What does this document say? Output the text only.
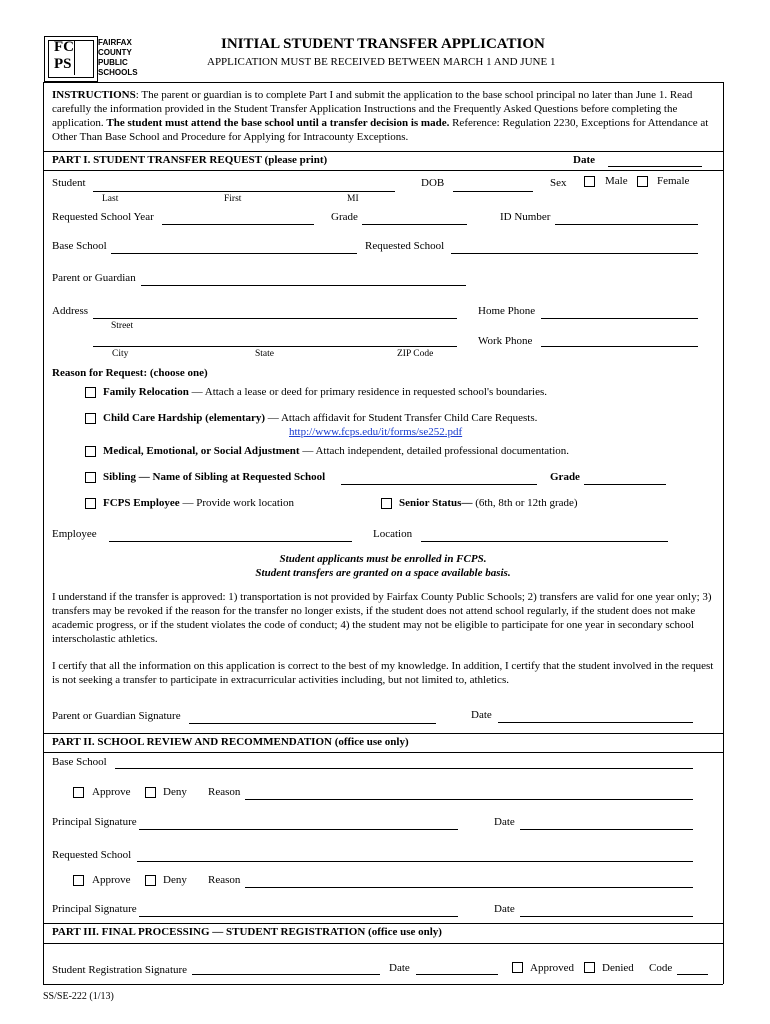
FC
PS
FAIRFAX
COUNTY
PUBLIC
SCHOOLS
INITIAL STUDENT TRANSFER APPLICATION
APPLICATION MUST BE RECEIVED BETWEEN MARCH 1 AND JUNE 1
INSTRUCTIONS: The parent or guardian is to complete Part I and submit the application to the base school principal no later than June 1. Read carefully the information provided in the Student Transfer Application Instructions and the Frequently Asked Questions before completing the application. The student must attend the base school until a transfer decision is made. Reference: Regulation 2230, Exceptions for Attendance at Other Than Base School and Procedure for Applying for Intracounty Exceptions.
PART I. STUDENT TRANSFER REQUEST (please print)	Date
Student
Last	First	MI
DOB	Sex	Male	Female
Requested School Year	Grade	ID Number
Base School	Requested School
Parent or Guardian
Address
Street
Home Phone
Work Phone
City	State	ZIP Code
Reason for Request: (choose one)
Family Relocation — Attach a lease or deed for primary residence in requested school's boundaries.
Child Care Hardship (elementary) — Attach affidavit for Student Transfer Child Care Requests.
http://www.fcps.edu/it/forms/se252.pdf
Medical, Emotional, or Social Adjustment — Attach independent, detailed professional documentation.
Sibling — Name of Sibling at Requested School	Grade
FCPS Employee — Provide work location	Senior Status— (6th, 8th or 12th grade)
Employee	Location
Student applicants must be enrolled in FCPS.
Student transfers are granted on a space available basis.
I understand if the transfer is approved: 1) transportation is not provided by Fairfax County Public Schools; 2) transfers are valid for one year only; 3) transfers may be revoked if the reason for the transfer no longer exists, if the student does not attend school regularly, if the student does not make academic progress, or if the student violates the code of conduct; 4) the student may not be eligible to participate for one year in secondary school interscholastic athletics.
I certify that all the information on this application is correct to the best of my knowledge. In addition, I certify that the student involved in the request is not seeking a transfer to participate in extracurricular activities including, but not limited to, athletics.
Parent or Guardian Signature	Date
PART II. SCHOOL REVIEW AND RECOMMENDATION (office use only)
Base School
Approve	Deny Reason
Principal Signature	Date
Requested School
Approve	Deny Reason
Principal Signature	Date
PART III. FINAL PROCESSING — STUDENT REGISTRATION (office use only)
Student Registration Signature	Date	Approved	Denied Code
SS/SE-222 (1/13)
